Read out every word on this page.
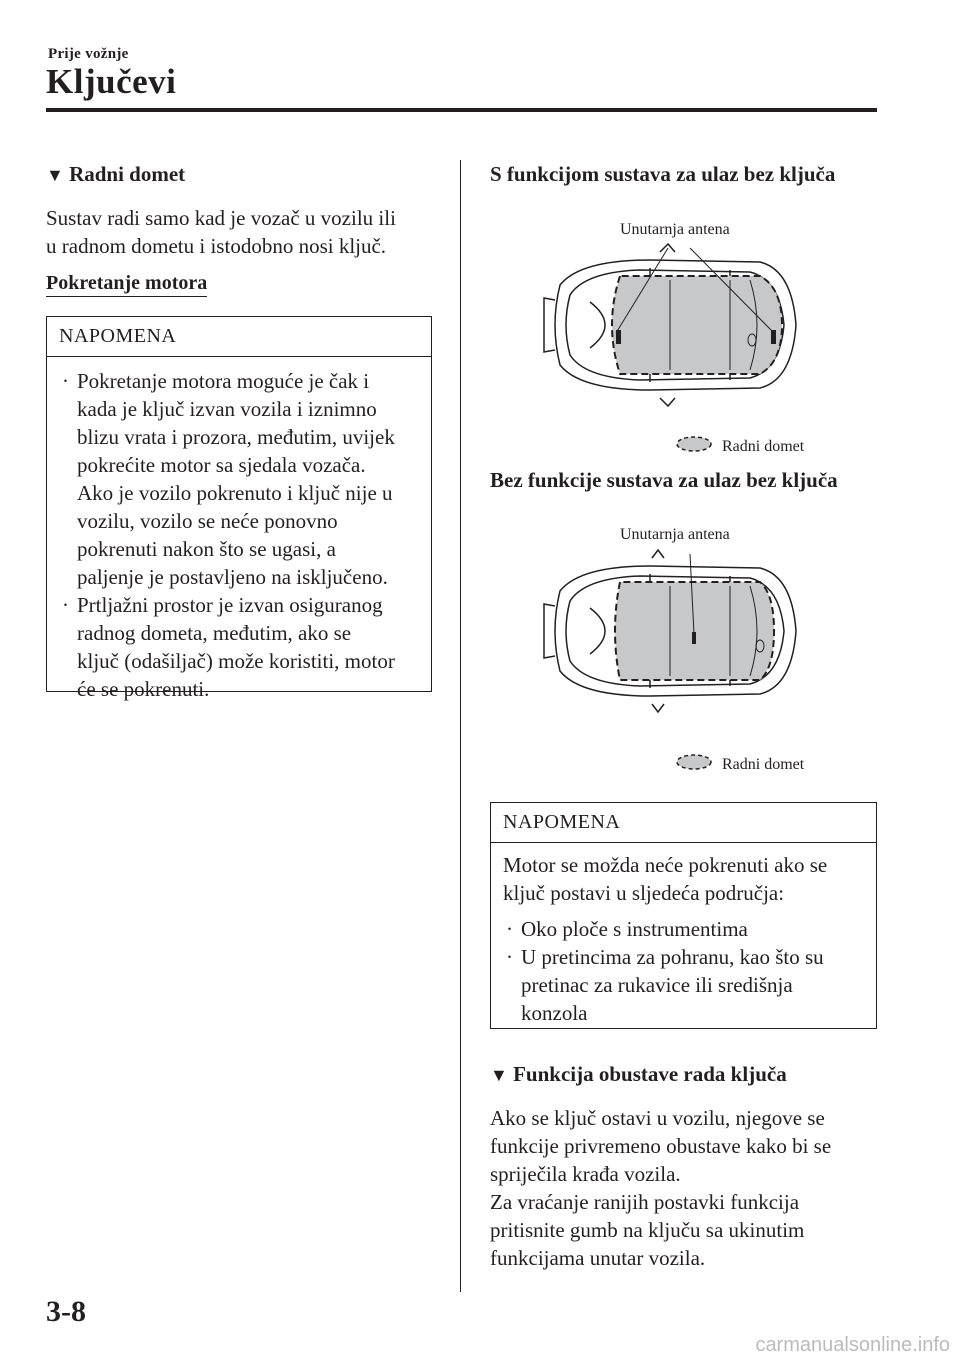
Prije vožnje
Ključevi
▼ Radni domet
Sustav radi samo kad je vozač u vozilu ili
u radnom dometu i istodobno nosi ključ.
Pokretanje motora
NAPOMENA
· Pokretanje motora moguće je čak i
kada je ključ izvan vozila i iznimno
blizu vrata i prozora, međutim, uvijek
pokrećite motor sa sjedala vozača.
Ako je vozilo pokrenuto i ključ nije u
vozilu, vozilo se neće ponovno
pokrenuti nakon što se ugasi, a
paljenje je postavljeno na isključeno.
· Prtljažni prostor je izvan osiguranog
radnog dometa, međutim, ako se
ključ (odašiljač) može koristiti, motor
će se pokrenuti.
S funkcijom sustava za ulaz bez ključa
Unutarnja antena
Radni domet
Bez funkcije sustava za ulaz bez ključa
Unutarnja antena
Radni domet
NAPOMENA
Motor se možda neće pokrenuti ako se
ključ postavi u sljedeća područja:
· Oko ploče s instrumentima
· U pretincima za pohranu, kao što su
pretinac za rukavice ili središnja
konzola
▼ Funkcija obustave rada ključa
Ako se ključ ostavi u vozilu, njegove se
funkcije privremeno obustave kako bi se
spriječila krađa vozila.
Za vraćanje ranijih postavki funkcija
pritisnite gumb na ključu sa ukinutim
funkcijama unutar vozila.
3-8
carmanualsonline.info
